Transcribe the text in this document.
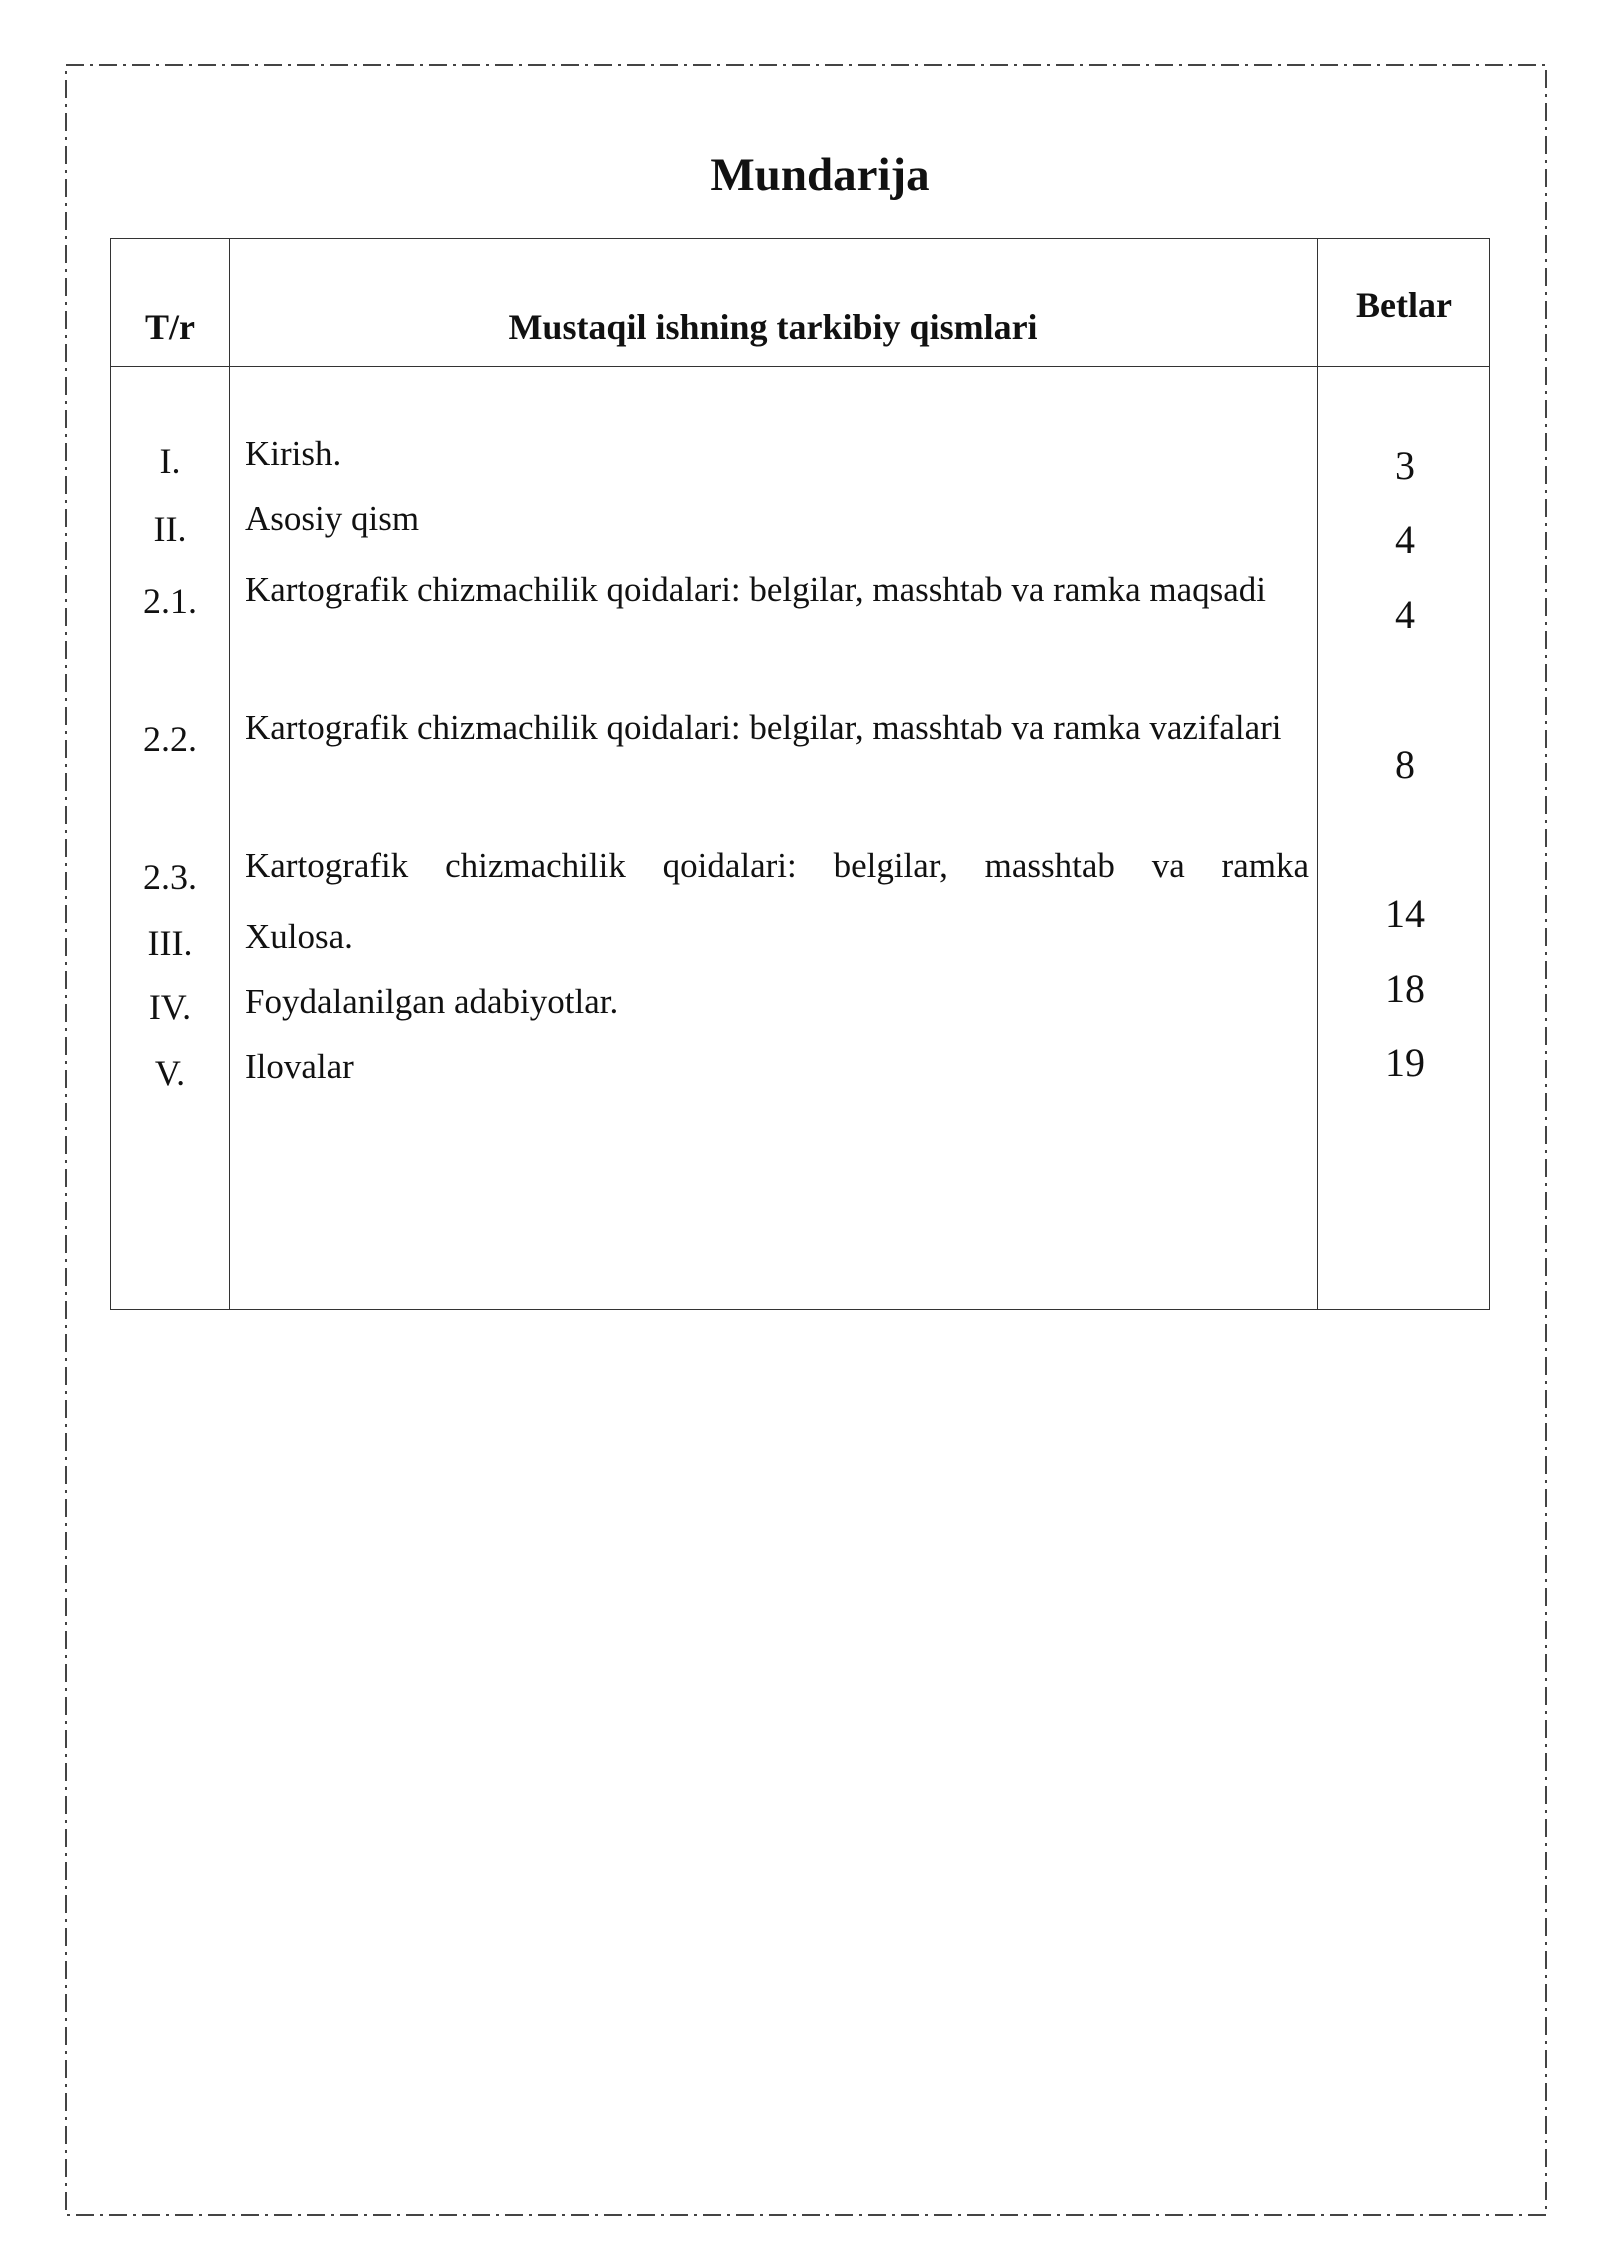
Mundarija
T/r	Mustaqil ishning tarkibiy qismlari
Betlar
I.
II.
2.1.
2.2.
2.3.
III.
IV.
V.
Kirish.
Asosiy qism
Kartografik chizmachilik qoidalari: belgilar, masshtab va ramka maqsadi
Kartografik chizmachilik qoidalari: belgilar, masshtab va ramka vazifalari
Kartografik chizmachilik qoidalari: belgilar, masshtab va ramka
Xulosa.
Foydalanilgan adabiyotlar.
Ilovalar
3
4
4
8
14
18
19
